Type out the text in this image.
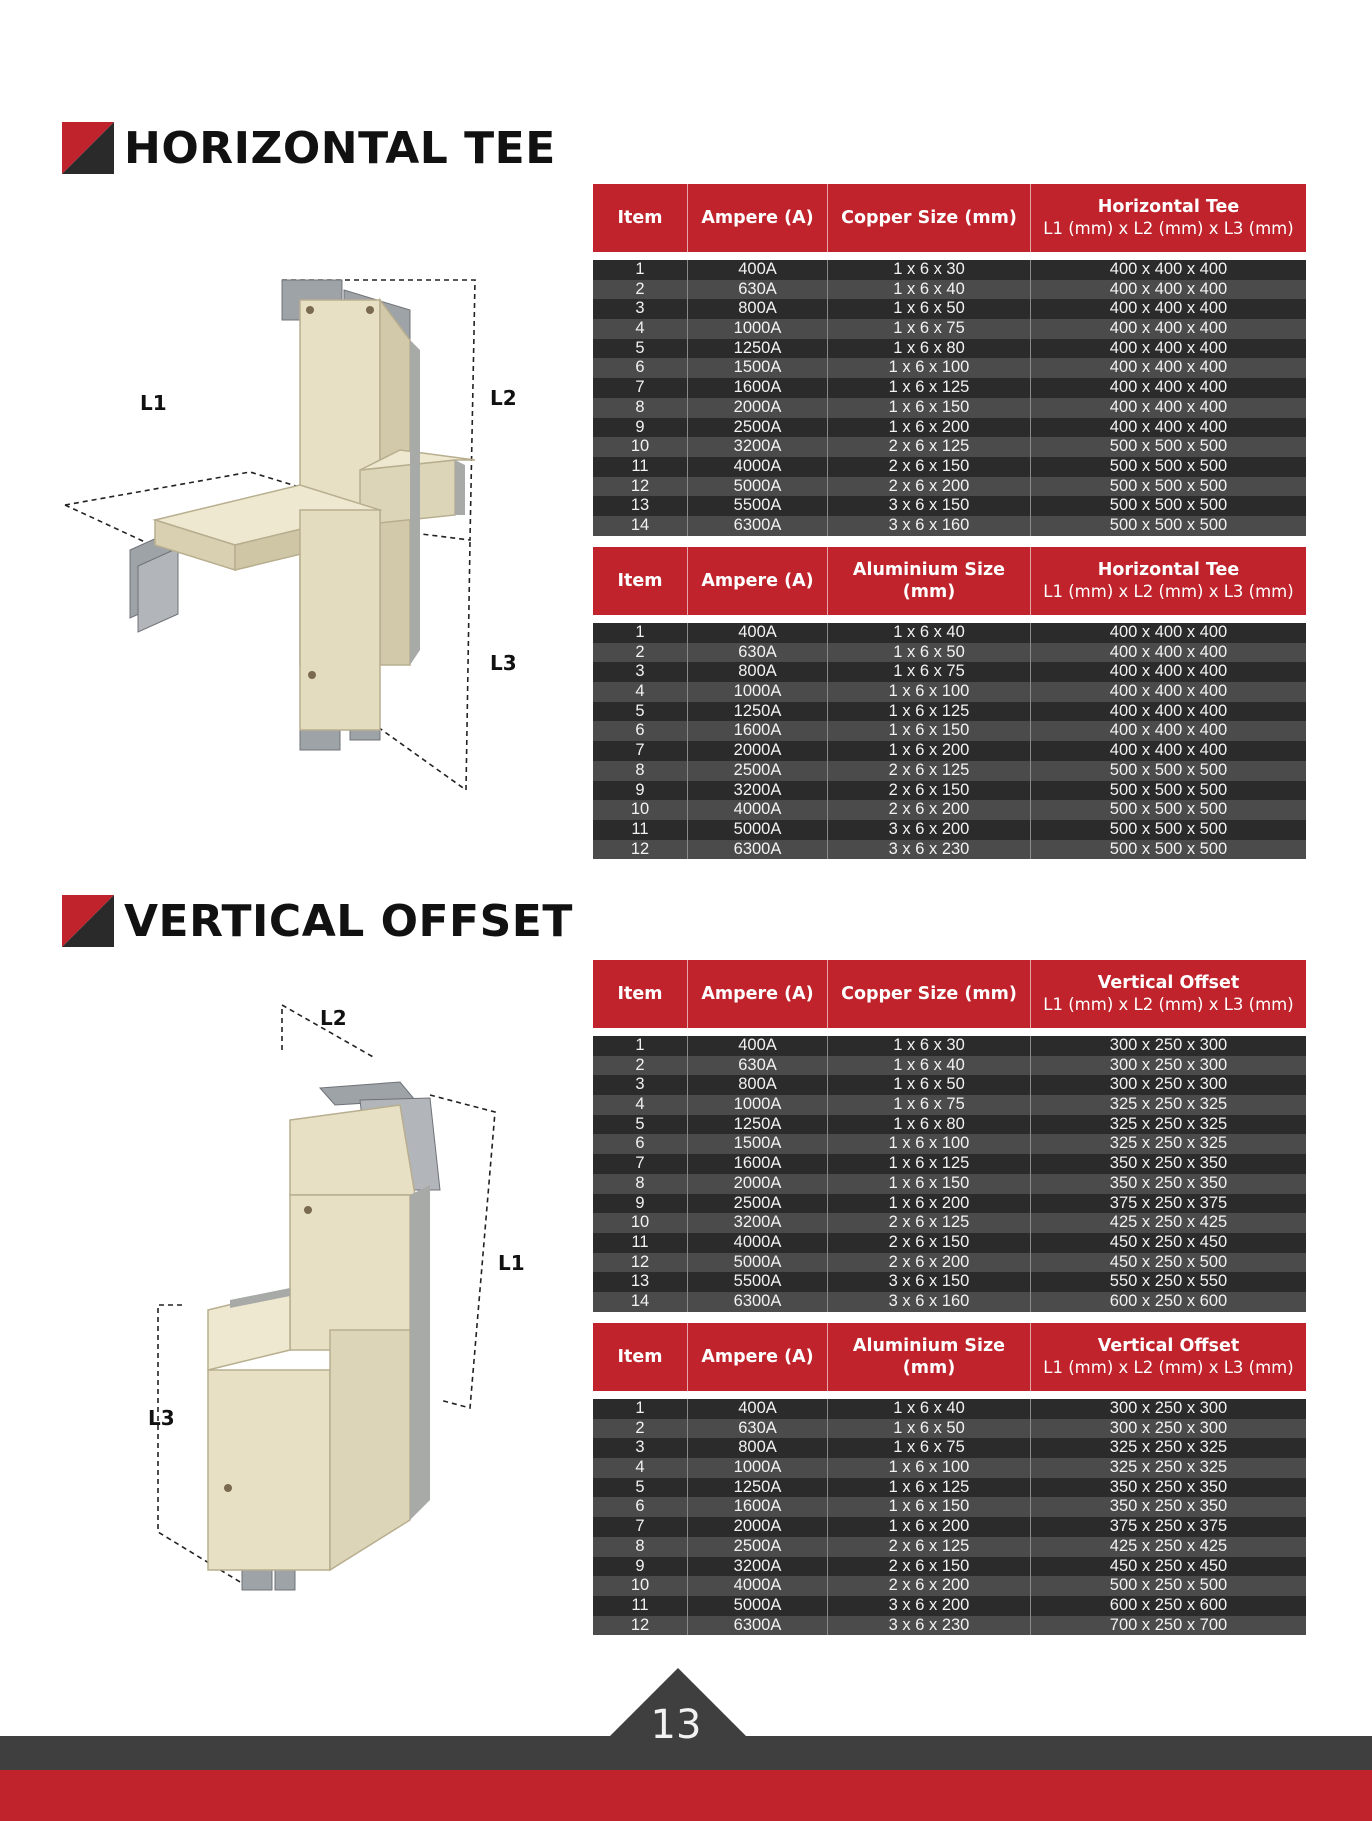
HORIZONTAL TEE
VERTICAL OFFSET
L1	L2
L3
L2
L1
L3
Item	Ampere (A)	Copper Size (mm)
Horizontal Tee
L1 (mm) x L2 (mm) x L3 (mm)
1	400A	1 x 6 x 30	400 x 400 x 400
2	630A	1 x 6 x 40	400 x 400 x 400
3	800A	1 x 6 x 50	400 x 400 x 400
4	1000A	1 x 6 x 75	400 x 400 x 400
5	1250A	1 x 6 x 80	400 x 400 x 400
6	1500A	1 x 6 x 100	400 x 400 x 400
7	1600A	1 x 6 x 125	400 x 400 x 400
8	2000A	1 x 6 x 150	400 x 400 x 400
9	2500A	1 x 6 x 200	400 x 400 x 400
10	3200A	2 x 6 x 125	500 x 500 x 500
11	4000A	2 x 6 x 150	500 x 500 x 500
12	5000A	2 x 6 x 200	500 x 500 x 500
13	5500A	3 x 6 x 150	500 x 500 x 500
14	6300A	3 x 6 x 160	500 x 500 x 500
Item	Ampere (A)
Aluminium Size (mm)
Horizontal Tee
L1 (mm) x L2 (mm) x L3 (mm)
1	400A	1 x 6 x 40	400 x 400 x 400
2	630A	1 x 6 x 50	400 x 400 x 400
3	800A	1 x 6 x 75	400 x 400 x 400
4	1000A	1 x 6 x 100	400 x 400 x 400
5	1250A	1 x 6 x 125	400 x 400 x 400
6	1600A	1 x 6 x 150	400 x 400 x 400
7	2000A	1 x 6 x 200	400 x 400 x 400
8	2500A	2 x 6 x 125	500 x 500 x 500
9	3200A	2 x 6 x 150	500 x 500 x 500
10	4000A	2 x 6 x 200	500 x 500 x 500
11	5000A	3 x 6 x 200	500 x 500 x 500
12	6300A	3 x 6 x 230	500 x 500 x 500
Item	Ampere (A)	Copper Size (mm)
Vertical Offset
L1 (mm) x L2 (mm) x L3 (mm)
1	400A	1 x 6 x 30	300 x 250 x 300
2	630A	1 x 6 x 40	300 x 250 x 300
3	800A	1 x 6 x 50	300 x 250 x 300
4	1000A	1 x 6 x 75	325 x 250 x 325
5	1250A	1 x 6 x 80	325 x 250 x 325
6	1500A	1 x 6 x 100	325 x 250 x 325
7	1600A	1 x 6 x 125	350 x 250 x 350
8	2000A	1 x 6 x 150	350 x 250 x 350
9	2500A	1 x 6 x 200	375 x 250 x 375
10	3200A	2 x 6 x 125	425 x 250 x 425
11	4000A	2 x 6 x 150	450 x 250 x 450
12	5000A	2 x 6 x 200	450 x 250 x 500
13	5500A	3 x 6 x 150	550 x 250 x 550
14	6300A	3 x 6 x 160	600 x 250 x 600
Item	Ampere (A)
Aluminium Size (mm)
Vertical Offset
L1 (mm) x L2 (mm) x L3 (mm)
1	400A	1 x 6 x 40	300 x 250 x 300
2	630A	1 x 6 x 50	300 x 250 x 300
3	800A	1 x 6 x 75	325 x 250 x 325
4	1000A	1 x 6 x 100	325 x 250 x 325
5	1250A	1 x 6 x 125	350 x 250 x 350
6	1600A	1 x 6 x 150	350 x 250 x 350
7	2000A	1 x 6 x 200	375 x 250 x 375
8	2500A	2 x 6 x 125	425 x 250 x 425
9	3200A	2 x 6 x 150	450 x 250 x 450
10	4000A	2 x 6 x 200	500 x 250 x 500
11	5000A	3 x 6 x 200	600 x 250 x 600
12	6300A	3 x 6 x 230	700 x 250 x 700
13
